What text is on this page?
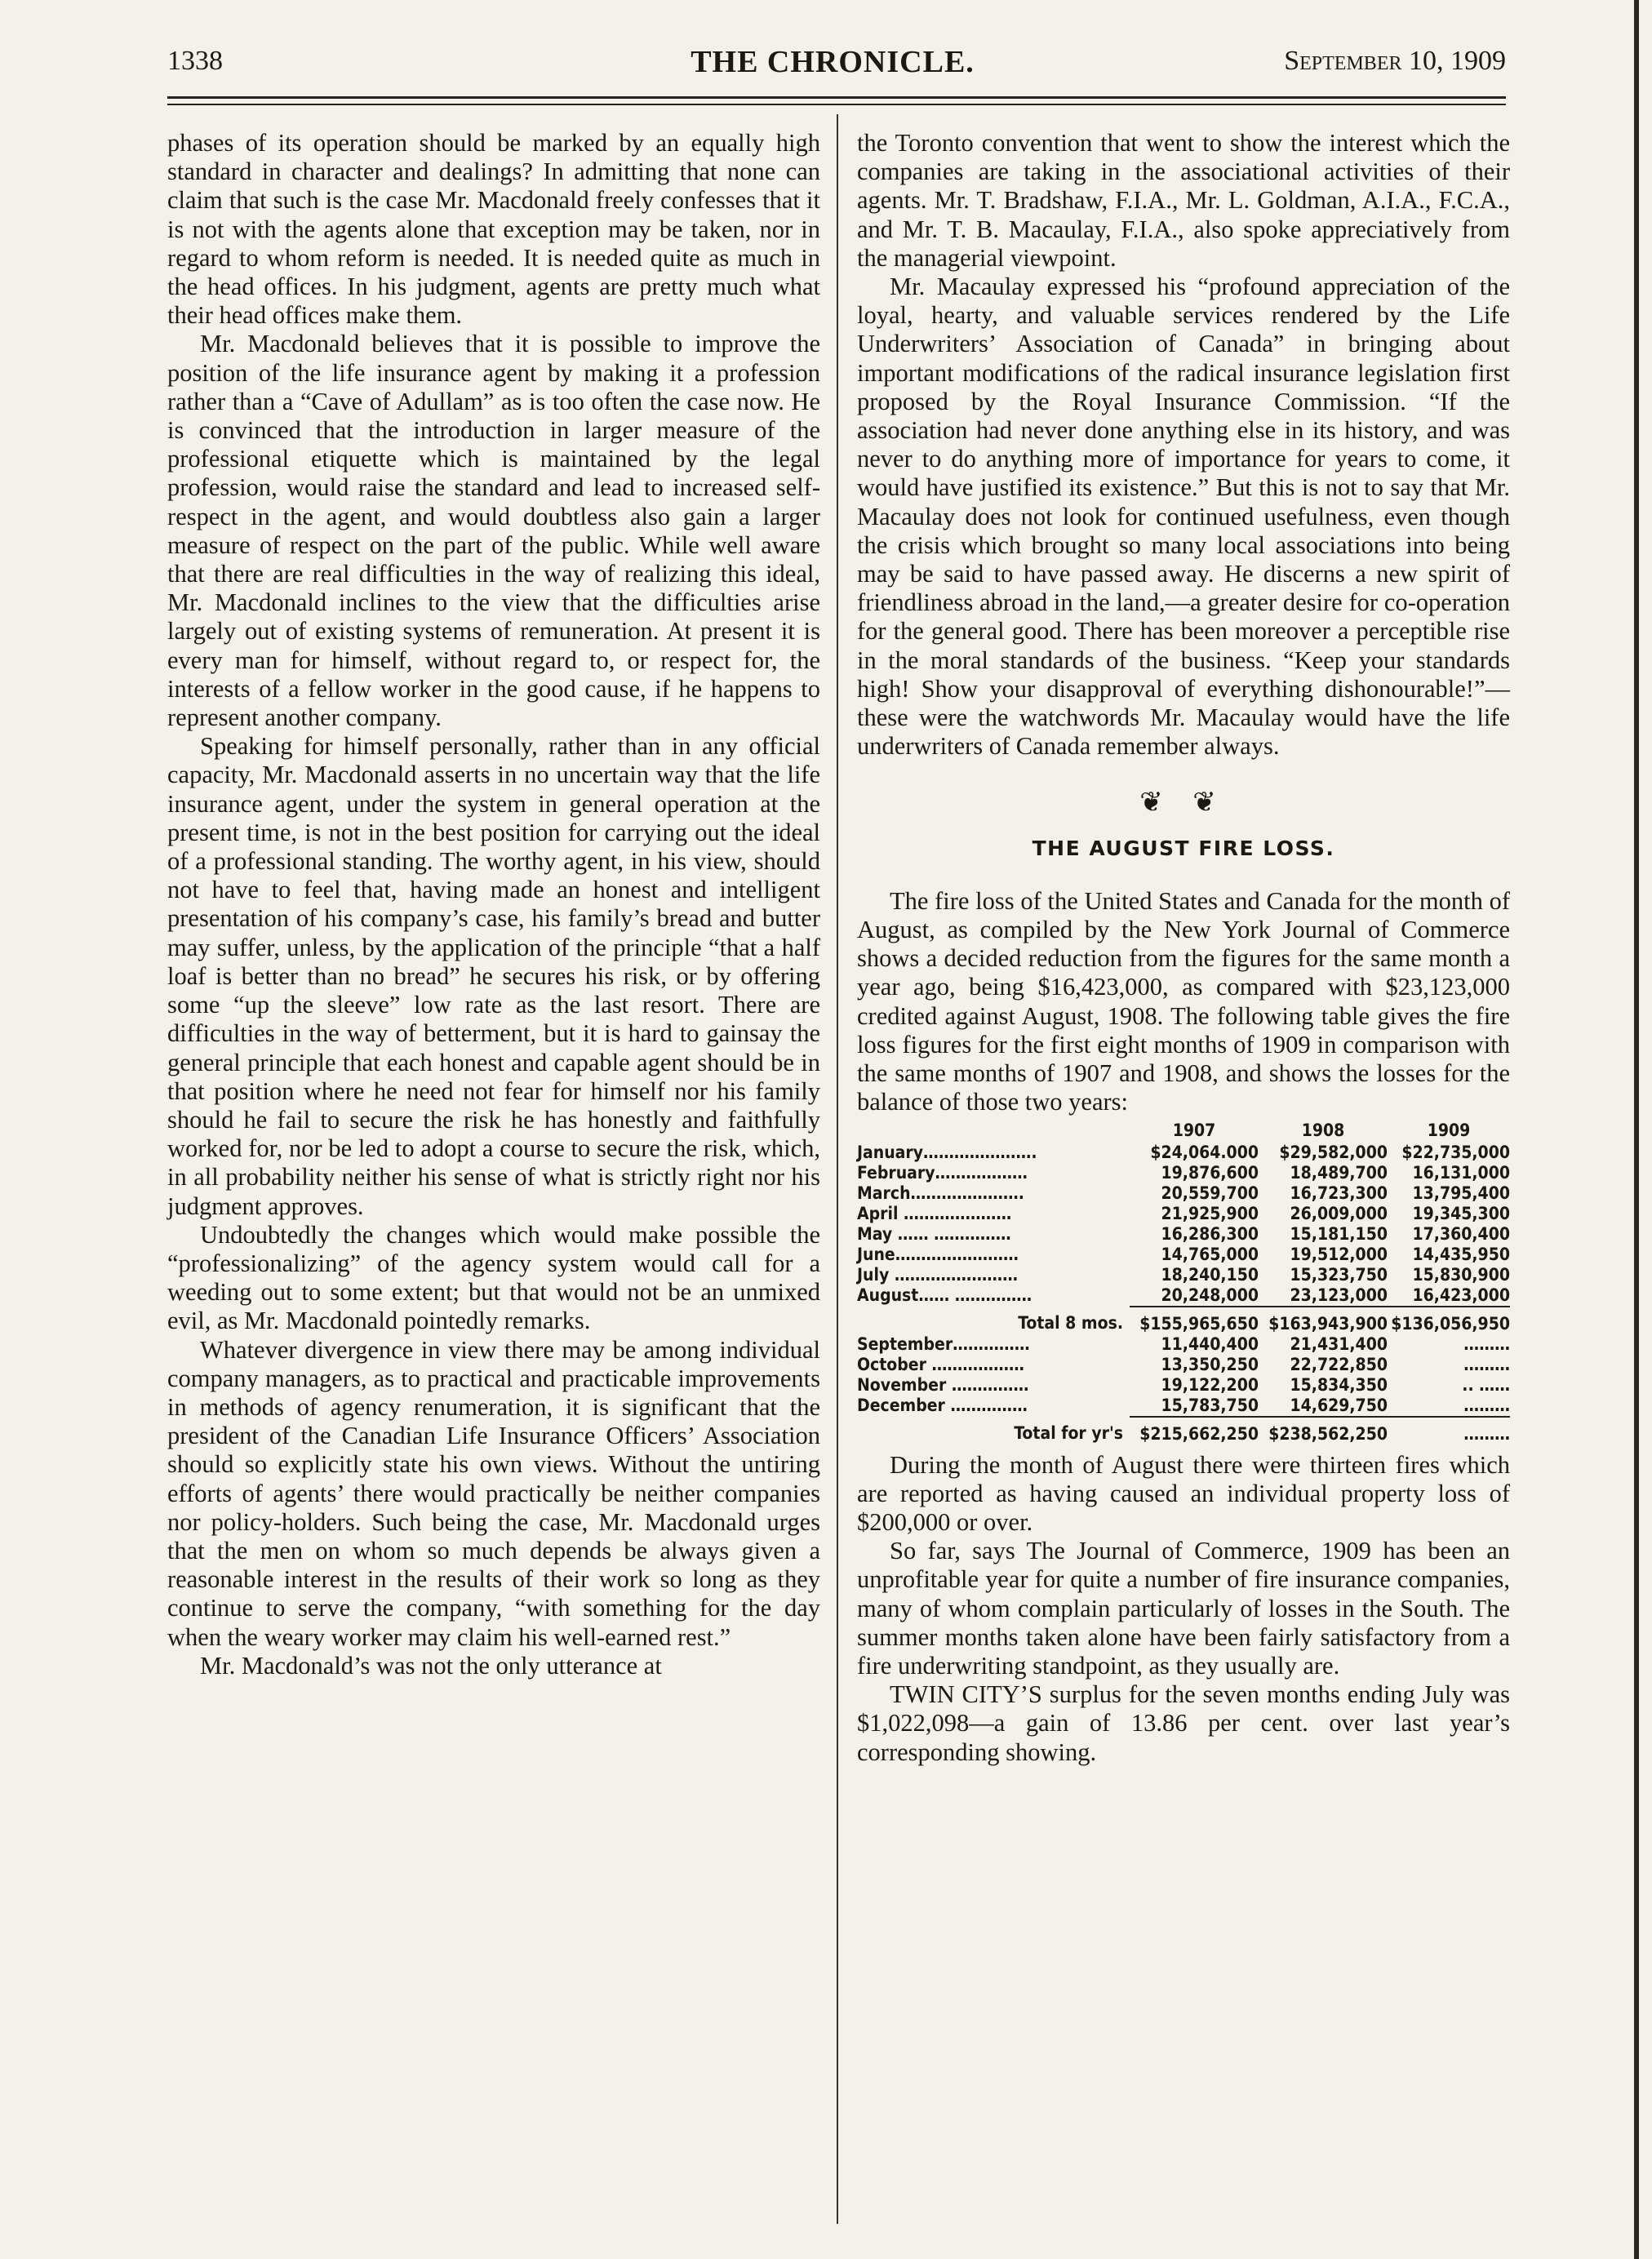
1338	THE CHRONICLE.	September 10, 1909

phases of its operation should be marked by an equally high standard in character and dealings? In admitting that none can claim that such is the case Mr. Macdonald freely confesses that it is not with the agents alone that exception may be taken, nor in regard to whom reform is needed. It is needed quite as much in the head offices. In his judgment, agents are pretty much what their head offices make them.

Mr. Macdonald believes that it is possible to improve the position of the life insurance agent by making it a profession rather than a “Cave of Adullam” as is too often the case now. He is convinced that the introduction in larger measure of the professional etiquette which is maintained by the legal profession, would raise the standard and lead to increased self-respect in the agent, and would doubtless also gain a larger measure of respect on the part of the public. While well aware that there are real difficulties in the way of realizing this ideal, Mr. Macdonald inclines to the view that the difficulties arise largely out of existing systems of remuneration. At present it is every man for himself, without regard to, or respect for, the interests of a fellow worker in the good cause, if he happens to represent another company.

Speaking for himself personally, rather than in any official capacity, Mr. Macdonald asserts in no uncertain way that the life insurance agent, under the system in general operation at the present time, is not in the best position for carrying out the ideal of a professional standing. The worthy agent, in his view, should not have to feel that, having made an honest and intelligent presentation of his company’s case, his family’s bread and butter may suffer, unless, by the application of the principle “that a half loaf is better than no bread” he secures his risk, or by offering some “up the sleeve” low rate as the last resort. There are difficulties in the way of betterment, but it is hard to gainsay the general principle that each honest and capable agent should be in that position where he need not fear for himself nor his family should he fail to secure the risk he has honestly and faithfully worked for, nor be led to adopt a course to secure the risk, which, in all probability neither his sense of what is strictly right nor his judgment approves.

Undoubtedly the changes which would make possible the “professionalizing” of the agency system would call for a weeding out to some extent; but that would not be an unmixed evil, as Mr. Macdonald pointedly remarks.

Whatever divergence in view there may be among individual company managers, as to practical and practicable improvements in methods of agency renumeration, it is significant that the president of the Canadian Life Insurance Officers’ Association should so explicitly state his own views. Without the untiring efforts of agents’ there would practically be neither companies nor policy-holders. Such being the case, Mr. Macdonald urges that the men on whom so much depends be always given a reasonable interest in the results of their work so long as they continue to serve the company, “with something for the day when the weary worker may claim his well-earned rest.”

Mr. Macdonald’s was not the only utterance at

the Toronto convention that went to show the interest which the companies are taking in the associational activities of their agents. Mr. T. Bradshaw, F.I.A., Mr. L. Goldman, A.I.A., F.C.A., and Mr. T. B. Macaulay, F.I.A., also spoke appreciatively from the managerial viewpoint.

Mr. Macaulay expressed his “profound appreciation of the loyal, hearty, and valuable services rendered by the Life Underwriters’ Association of Canada” in bringing about important modifications of the radical insurance legislation first proposed by the Royal Insurance Commission. “If the association had never done anything else in its history, and was never to do anything more of importance for years to come, it would have justified its existence.” But this is not to say that Mr. Macaulay does not look for continued usefulness, even though the crisis which brought so many local associations into being may be said to have passed away. He discerns a new spirit of friendliness abroad in the land,—a greater desire for co-operation for the general good. There has been moreover a perceptible rise in the moral standards of the business. “Keep your standards high! Show your disapproval of everything dishonourable!”—these were the watchwords Mr. Macaulay would have the life underwriters of Canada remember always.

❦ ❦
THE AUGUST FIRE LOSS.

The fire loss of the United States and Canada for the month of August, as compiled by the New York Journal of Commerce shows a decided reduction from the figures for the same month a year ago, being $16,423,000, as compared with $23,123,000 credited against August, 1908. The following table gives the fire loss figures for the first eight months of 1909 in comparison with the same months of 1907 and 1908, and shows the losses for the balance of those two years:

	1907	1908	1909
January………………….	$24,064.000	$29,582,000	$22,735,000
February………………	19,876,600	18,489,700	16,131,000
March………………….	20,559,700	16,723,300	13,795,400
April …………………	21,925,900	26,009,000	19,345,300
May …… ……………	16,286,300	15,181,150	17,360,400
June……………………	14,765,000	19,512,000	14,435,950
July ……………………	18,240,150	15,323,750	15,830,900
August…… ……………	20,248,000	23,123,000	16,423,000
Total 8 mos.	$155,965,650	$163,943,900	$136,056,950
September……………	11,440,400	21,431,400	………
October ………………	13,350,250	22,722,850	………
November ……………	19,122,200	15,834,350	.. ……
December ……………	15,783,750	14,629,750	………
Total for yr's	$215,662,250	$238,562,250	………

During the month of August there were thirteen fires which are reported as having caused an individual property loss of $200,000 or over.

So far, says The Journal of Commerce, 1909 has been an unprofitable year for quite a number of fire insurance companies, many of whom complain particularly of losses in the South. The summer months taken alone have been fairly satisfactory from a fire underwriting standpoint, as they usually are.

TWIN CITY’S surplus for the seven months ending July was $1,022,098—a gain of 13.86 per cent. over last year’s corresponding showing.
